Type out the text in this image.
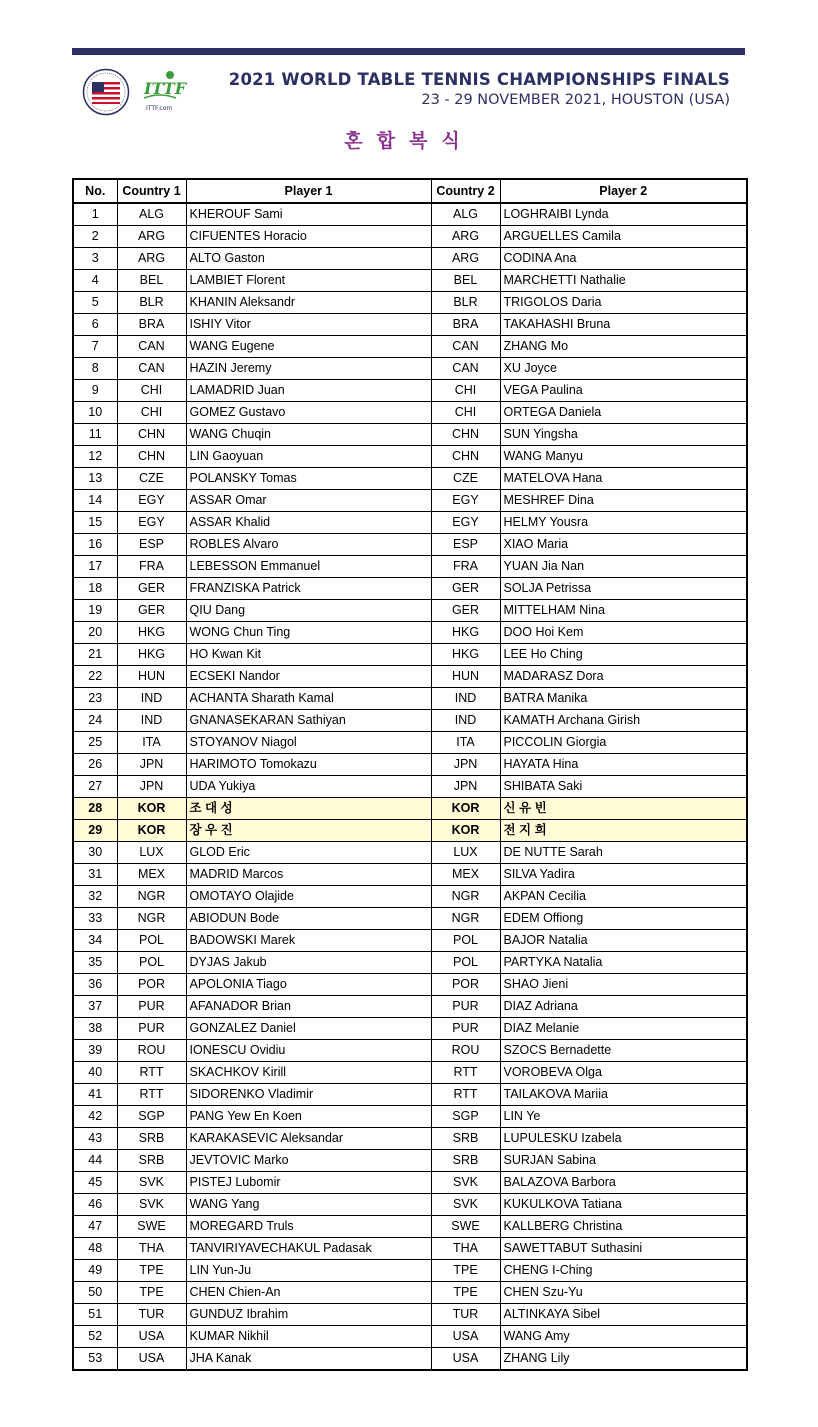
ITTF
ITTF.com
2021 WORLD TABLE TENNIS CHAMPIONSHIPS FINALS
23 - 29 NOVEMBER 2021, HOUSTON (USA)
혼합복식
No.	Country 1	Player 1	Country 2	Player 2
1	ALG	KHEROUF Sami	ALG	LOGHRAIBI Lynda
2	ARG	CIFUENTES Horacio	ARG	ARGUELLES Camila
3	ARG	ALTO Gaston	ARG	CODINA Ana
4	BEL	LAMBIET Florent	BEL	MARCHETTI Nathalie
5	BLR	KHANIN Aleksandr	BLR	TRIGOLOS Daria
6	BRA	ISHIY Vitor	BRA	TAKAHASHI Bruna
7	CAN	WANG Eugene	CAN	ZHANG Mo
8	CAN	HAZIN Jeremy	CAN	XU Joyce
9	CHI	LAMADRID Juan	CHI	VEGA Paulina
10	CHI	GOMEZ Gustavo	CHI	ORTEGA Daniela
11	CHN	WANG Chuqin	CHN	SUN Yingsha
12	CHN	LIN Gaoyuan	CHN	WANG Manyu
13	CZE	POLANSKY Tomas	CZE	MATELOVA Hana
14	EGY	ASSAR Omar	EGY	MESHREF Dina
15	EGY	ASSAR Khalid	EGY	HELMY Yousra
16	ESP	ROBLES Alvaro	ESP	XIAO Maria
17	FRA	LEBESSON Emmanuel	FRA	YUAN Jia Nan
18	GER	FRANZISKA Patrick	GER	SOLJA Petrissa
19	GER	QIU Dang	GER	MITTELHAM Nina
20	HKG	WONG Chun Ting	HKG	DOO Hoi Kem
21	HKG	HO Kwan Kit	HKG	LEE Ho Ching
22	HUN	ECSEKI Nandor	HUN	MADARASZ Dora
23	IND	ACHANTA Sharath Kamal	IND	BATRA Manika
24	IND	GNANASEKARAN Sathiyan	IND	KAMATH Archana Girish
25	ITA	STOYANOV Niagol	ITA	PICCOLIN Giorgia
26	JPN	HARIMOTO Tomokazu	JPN	HAYATA Hina
27	JPN	UDA Yukiya	JPN	SHIBATA Saki
28	KOR	조 대 성	KOR	신 유 빈
29	KOR	장 우 진	KOR	전 지 희
30	LUX	GLOD Eric	LUX	DE NUTTE Sarah
31	MEX	MADRID Marcos	MEX	SILVA Yadira
32	NGR	OMOTAYO Olajide	NGR	AKPAN Cecilia
33	NGR	ABIODUN Bode	NGR	EDEM Offiong
34	POL	BADOWSKI Marek	POL	BAJOR Natalia
35	POL	DYJAS Jakub	POL	PARTYKA Natalia
36	POR	APOLONIA Tiago	POR	SHAO Jieni
37	PUR	AFANADOR Brian	PUR	DIAZ Adriana
38	PUR	GONZALEZ Daniel	PUR	DIAZ Melanie
39	ROU	IONESCU Ovidiu	ROU	SZOCS Bernadette
40	RTT	SKACHKOV Kirill	RTT	VOROBEVA Olga
41	RTT	SIDORENKO Vladimir	RTT	TAILAKOVA Mariia
42	SGP	PANG Yew En Koen	SGP	LIN Ye
43	SRB	KARAKASEVIC Aleksandar	SRB	LUPULESKU Izabela
44	SRB	JEVTOVIC Marko	SRB	SURJAN Sabina
45	SVK	PISTEJ Lubomir	SVK	BALAZOVA Barbora
46	SVK	WANG Yang	SVK	KUKULKOVA Tatiana
47	SWE	MOREGARD Truls	SWE	KALLBERG Christina
48	THA	TANVIRIYAVECHAKUL Padasak	THA	SAWETTABUT Suthasini
49	TPE	LIN Yun-Ju	TPE	CHENG I-Ching
50	TPE	CHEN Chien-An	TPE	CHEN Szu-Yu
51	TUR	GUNDUZ Ibrahim	TUR	ALTINKAYA Sibel
52	USA	KUMAR Nikhil	USA	WANG Amy
53	USA	JHA Kanak	USA	ZHANG Lily
